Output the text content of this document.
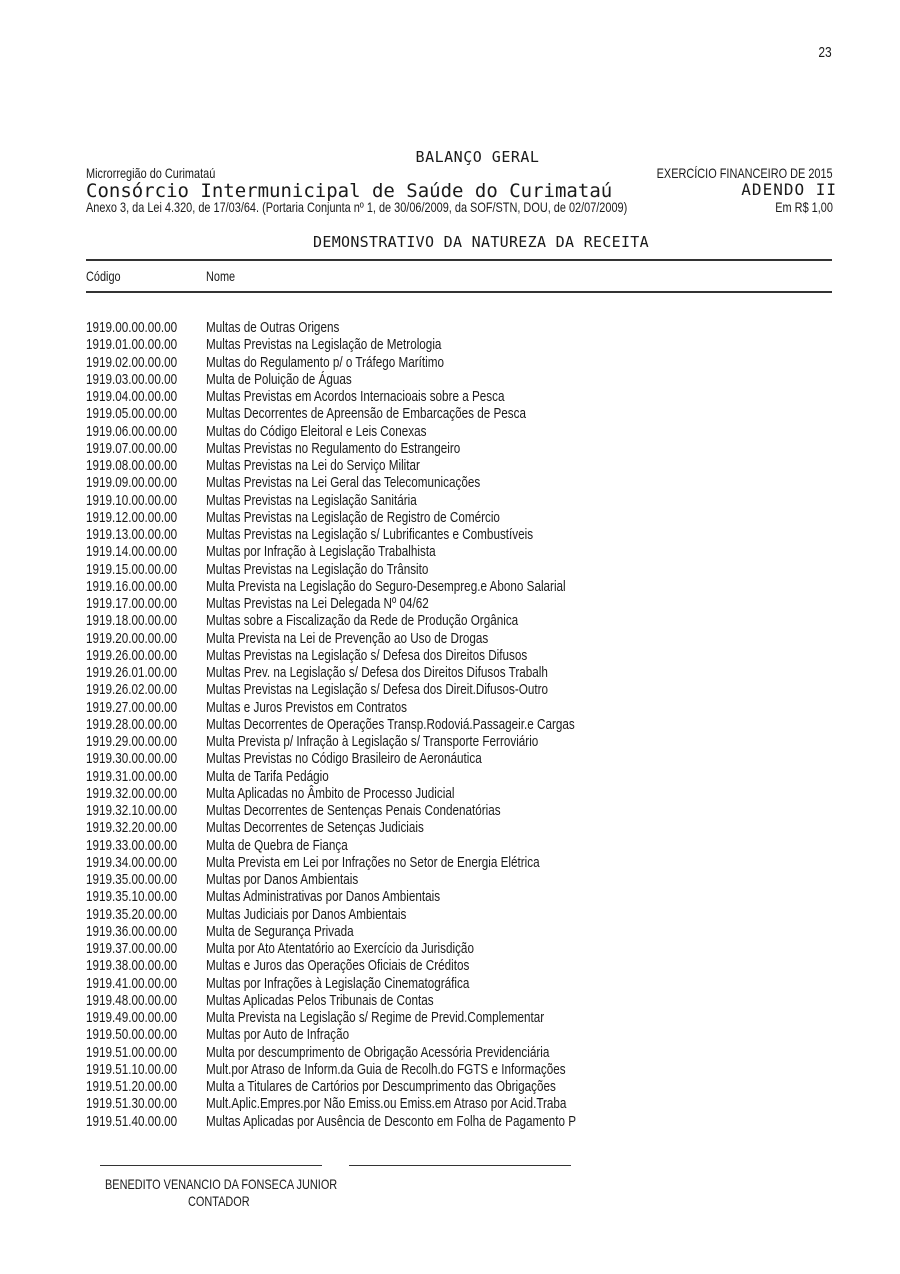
23
BALANÇO GERAL
Microrregião do Curimataú	EXERCÍCIO FINANCEIRO DE 2015
Consórcio Intermunicipal de Saúde do Curimataú	ADENDO II
Anexo 3, da Lei 4.320, de 17/03/64. (Portaria Conjunta nº 1, de 30/06/2009, da SOF/STN, DOU, de 02/07/2009)	Em R$ 1,00
DEMONSTRATIVO DA NATUREZA DA RECEITA
Código	Nome
1919.00.00.00.00 Multas de Outras Origens
1919.01.00.00.00 Multas Previstas na Legislação de Metrologia
1919.02.00.00.00 Multas do Regulamento p/ o Tráfego Marítimo
1919.03.00.00.00 Multa de Poluição de Águas
1919.04.00.00.00 Multas Previstas em Acordos Internacioais sobre a Pesca
1919.05.00.00.00 Multas Decorrentes de Apreensão de Embarcações de Pesca
1919.06.00.00.00 Multas do Código Eleitoral e Leis Conexas
1919.07.00.00.00 Multas Previstas no Regulamento do Estrangeiro
1919.08.00.00.00 Multas Previstas na Lei do Serviço Militar
1919.09.00.00.00 Multas Previstas na Lei Geral das Telecomunicações
1919.10.00.00.00 Multas Previstas na Legislação Sanitária
1919.12.00.00.00 Multas Previstas na Legislação de Registro de Comércio
1919.13.00.00.00 Multas Previstas na Legislação s/ Lubrificantes e Combustíveis
1919.14.00.00.00 Multas por Infração à Legislação Trabalhista
1919.15.00.00.00 Multas Previstas na Legislação do Trânsito
1919.16.00.00.00 Multa Prevista na Legislação do Seguro-Desempreg.e Abono Salarial
1919.17.00.00.00 Multas Previstas na Lei Delegada Nº 04/62
1919.18.00.00.00 Multas sobre a Fiscalização da Rede de Produção Orgânica
1919.20.00.00.00 Multa Prevista na Lei de Prevenção ao Uso de Drogas
1919.26.00.00.00 Multas Previstas na Legislação s/ Defesa dos Direitos Difusos
1919.26.01.00.00 Multas Prev. na Legislação s/ Defesa dos Direitos Difusos Trabalh
1919.26.02.00.00 Multas Previstas na Legislação s/ Defesa dos Direit.Difusos-Outro
1919.27.00.00.00 Multas e Juros Previstos em Contratos
1919.28.00.00.00 Multas Decorrentes de Operações Transp.Rodoviá.Passageir.e Cargas
1919.29.00.00.00 Multa Prevista p/ Infração à Legislação s/ Transporte Ferroviário
1919.30.00.00.00 Multas Previstas no Código Brasileiro de Aeronáutica
1919.31.00.00.00 Multa de Tarifa Pedágio
1919.32.00.00.00 Multa Aplicadas no Âmbito de Processo Judicial
1919.32.10.00.00 Multas Decorrentes de Sentenças Penais Condenatórias
1919.32.20.00.00 Multas Decorrentes de Setenças Judiciais
1919.33.00.00.00 Multa de Quebra de Fiança
1919.34.00.00.00 Multa Prevista em Lei por Infrações no Setor de Energia Elétrica
1919.35.00.00.00 Multas por Danos Ambientais
1919.35.10.00.00 Multas Administrativas por Danos Ambientais
1919.35.20.00.00 Multas Judiciais por Danos Ambientais
1919.36.00.00.00 Multa de Segurança Privada
1919.37.00.00.00 Multa por Ato Atentatório ao Exercício da Jurisdição
1919.38.00.00.00 Multas e Juros das Operações Oficiais de Créditos
1919.41.00.00.00 Multas por Infrações à Legislação Cinematográfica
1919.48.00.00.00 Multas Aplicadas Pelos Tribunais de Contas
1919.49.00.00.00 Multa Prevista na Legislação s/ Regime de Previd.Complementar
1919.50.00.00.00 Multas por Auto de Infração
1919.51.00.00.00 Multa por descumprimento de Obrigação Acessória Previdenciária
1919.51.10.00.00 Mult.por Atraso de Inform.da Guia de Recolh.do FGTS e Informações
1919.51.20.00.00 Multa a Titulares de Cartórios por Descumprimento das Obrigações
1919.51.30.00.00 Mult.Aplic.Empres.por Não Emiss.ou Emiss.em Atraso por Acid.Traba
1919.51.40.00.00 Multas Aplicadas por Ausência de Desconto em Folha de Pagamento P
BENEDITO VENANCIO DA FONSECA JUNIOR
CONTADOR
